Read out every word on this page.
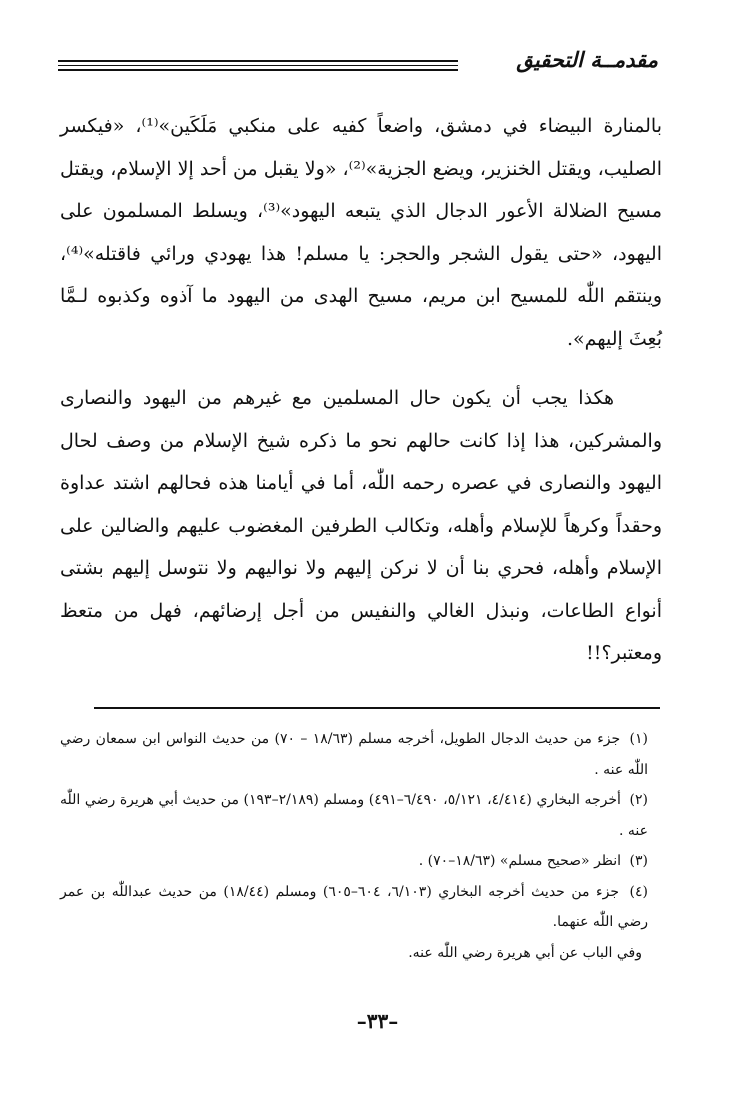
مقدمــة التحقيق

بالمنارة البيضاء في دمشق، واضعاً كفيه على منكبي مَلَكَين»⁽¹⁾، «فيكسر الصليب، ويقتل الخنزير، ويضع الجزية»⁽²⁾، «ولا يقبل من أحد إلا الإسلام، ويقتل مسيح الضلالة الأعور الدجال الذي يتبعه اليهود»⁽³⁾، ويسلط المسلمون على اليهود، «حتى يقول الشجر والحجر: يا مسلم! هذا يهودي ورائي فاقتله»⁽⁴⁾، وينتقم اللّٰه للمسيح ابن مريم، مسيح الهدى من اليهود ما آذوه وكذبوه لـمَّا بُعِثَ إليهم».

هكذا يجب أن يكون حال المسلمين مع غيرهم من اليهود والنصارى والمشركين، هذا إذا كانت حالهم نحو ما ذكره شيخ الإسلام من وصف لحال اليهود والنصارى في عصره رحمه اللّٰه، أما في أيامنا هذه فحالهم اشتد عداوة وحقداً وكرهاً للإسلام وأهله، وتكالب الطرفين المغضوب عليهم والضالين على الإسلام وأهله، فحري بنا أن لا نركن إليهم ولا نواليهم ولا نتوسل إليهم بشتى أنواع الطاعات، ونبذل الغالي والنفيس من أجل إرضائهم، فهل من متعظ ومعتبر؟!!

(١) جزء من حديث الدجال الطويل، أخرجه مسلم (١٨/٦٣ – ٧٠) من حديث النواس ابن سمعان رضي اللّٰه عنه .

(٢) أخرجه البخاري (٤/٤١٤، ٥/١٢١، ٦/٤٩٠–٤٩١) ومسلم (٢/١٨٩–١٩٣) من حديث أبي هريرة رضي اللّٰه عنه .

(٣) انظر «صحيح مسلم» (١٨/٦٣–٧٠) .

(٤) جزء من حديث أخرجه البخاري (٦/١٠٣، ٦٠٤–٦٠٥) ومسلم (١٨/٤٤) من حديث عبداللّٰه بن عمر رضي اللّٰه عنهما.

وفي الباب عن أبي هريرة رضي اللّٰه عنه.

–٣٣–
